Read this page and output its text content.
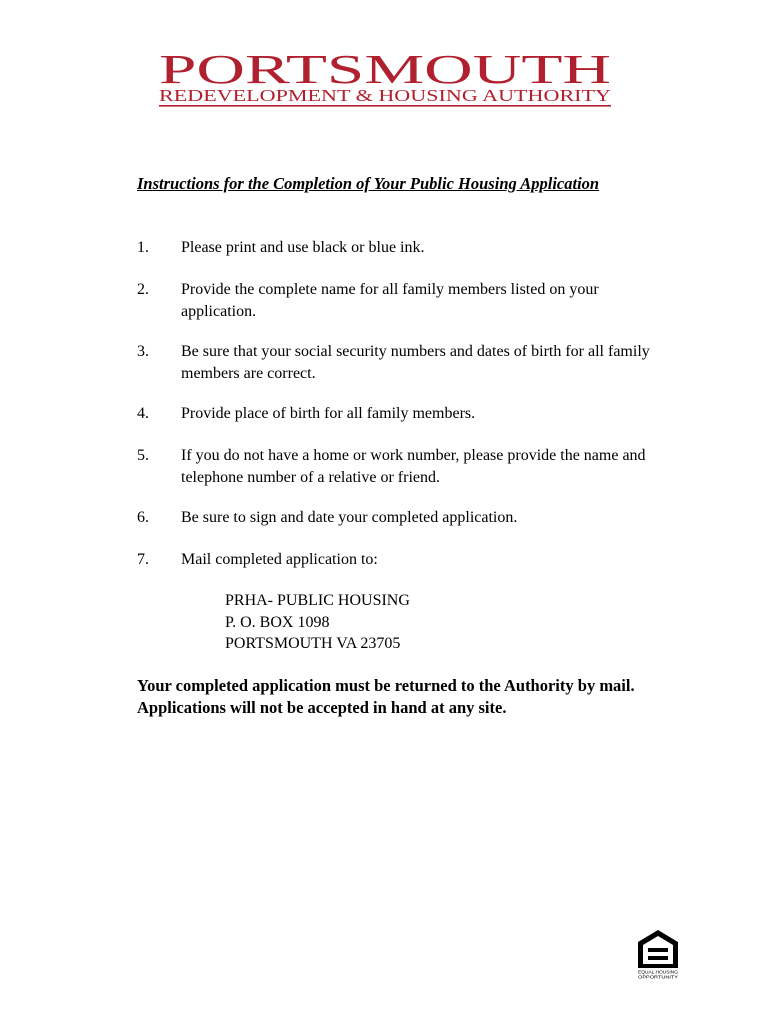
PORTSMOUTH
REDEVELOPMENT & HOUSING AUTHORITY
Instructions for the Completion of Your Public Housing Application
1. Please print and use black or blue ink.
2. Provide the complete name for all family members listed on your application.
3. Be sure that your social security numbers and dates of birth for all family members are correct.
4. Provide place of birth for all family members.
5. If you do not have a home or work number, please provide the name and telephone number of a relative or friend.
6. Be sure to sign and date your completed application.
7. Mail completed application to:
PRHA- PUBLIC HOUSING
P. O. BOX 1098
PORTSMOUTH VA 23705
Your completed application must be returned to the Authority by mail.
Applications will not be accepted in hand at any site.
EQUAL HOUSING
OPPORTUNITY
